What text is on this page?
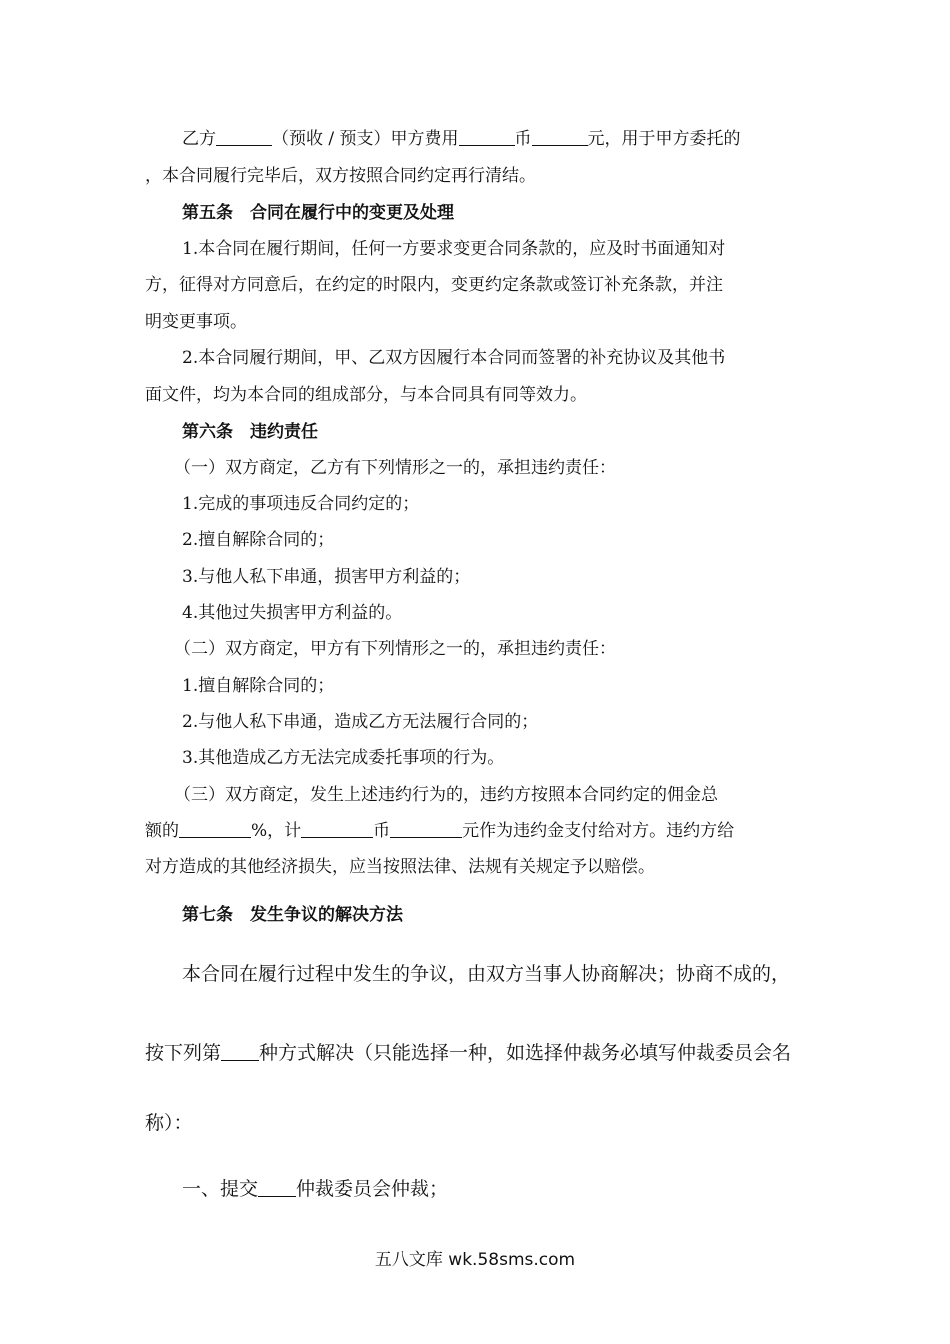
乙方	（预收 / 预支）甲方费用	币	元，用于甲方委托的
，本合同履行完毕后，双方按照合同约定再行清结。
第五条　合同在履行中的变更及处理
1.本合同在履行期间，任何一方要求变更合同条款的，应及时书面通知对
方，征得对方同意后，在约定的时限内，变更约定条款或签订补充条款，并注
明变更事项。
2.本合同履行期间，甲、乙双方因履行本合同而签署的补充协议及其他书
面文件，均为本合同的组成部分，与本合同具有同等效力。
第六条　违约责任
（一）双方商定，乙方有下列情形之一的，承担违约责任：
1.完成的事项违反合同约定的；
2.擅自解除合同的；
3.与他人私下串通，损害甲方利益的；
4.其他过失损害甲方利益的。
（二）双方商定，甲方有下列情形之一的，承担违约责任：
1.擅自解除合同的；
2.与他人私下串通，造成乙方无法履行合同的；
3.其他造成乙方无法完成委托事项的行为。
（三）双方商定，发生上述违约行为的，违约方按照本合同约定的佣金总
额的	%，计	币	元作为违约金支付给对方。违约方给
对方造成的其他经济损失，应当按照法律、法规有关规定予以赔偿。
第七条　发生争议的解决方法
本合同在履行过程中发生的争议，由双方当事人协商解决；协商不成的，
按下列第 种方式解决（只能选择一种，如选择仲裁务必填写仲裁委员会名
称）：
一、提交 仲裁委员会仲裁；
五八文库 wk.58sms.com
